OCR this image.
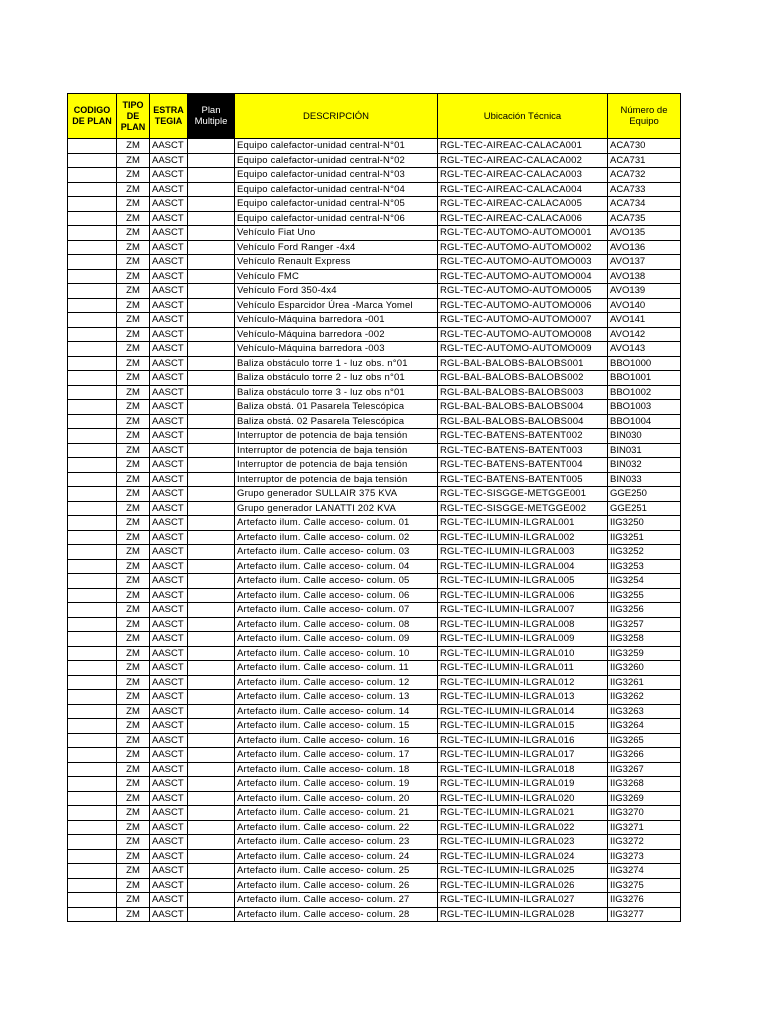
CODIGO DE PLAN	TIPO DE PLAN	ESTRA TEGIA	Plan Multiple	DESCRIPCIÓN	Ubicación Técnica	Número de Equipo
	ZM	AASCT		Equipo calefactor-unidad central-N°01	RGL-TEC-AIREAC-CALACA001	ACA730
	ZM	AASCT		Equipo calefactor-unidad central-N°02	RGL-TEC-AIREAC-CALACA002	ACA731
	ZM	AASCT		Equipo calefactor-unidad central-N°03	RGL-TEC-AIREAC-CALACA003	ACA732
	ZM	AASCT		Equipo calefactor-unidad central-N°04	RGL-TEC-AIREAC-CALACA004	ACA733
	ZM	AASCT		Equipo calefactor-unidad central-N°05	RGL-TEC-AIREAC-CALACA005	ACA734
	ZM	AASCT		Equipo calefactor-unidad central-N°06	RGL-TEC-AIREAC-CALACA006	ACA735
	ZM	AASCT		Vehículo Fiat Uno	RGL-TEC-AUTOMO-AUTOMO001	AVO135
	ZM	AASCT		Vehículo Ford Ranger -4x4	RGL-TEC-AUTOMO-AUTOMO002	AVO136
	ZM	AASCT		Vehículo Renault Express	RGL-TEC-AUTOMO-AUTOMO003	AVO137
	ZM	AASCT		Vehículo FMC	RGL-TEC-AUTOMO-AUTOMO004	AVO138
	ZM	AASCT		Vehículo Ford 350-4x4	RGL-TEC-AUTOMO-AUTOMO005	AVO139
	ZM	AASCT		Vehículo Esparcidor Úrea -Marca Yomel	RGL-TEC-AUTOMO-AUTOMO006	AVO140
	ZM	AASCT		Vehículo-Máquina barredora -001	RGL-TEC-AUTOMO-AUTOMO007	AVO141
	ZM	AASCT		Vehículo-Máquina barredora -002	RGL-TEC-AUTOMO-AUTOMO008	AVO142
	ZM	AASCT		Vehículo-Máquina barredora -003	RGL-TEC-AUTOMO-AUTOMO009	AVO143
	ZM	AASCT		Baliza obstáculo torre 1 - luz obs. n°01	RGL-BAL-BALOBS-BALOBS001	BBO1000
	ZM	AASCT		Baliza obstáculo torre 2 - luz obs n°01	RGL-BAL-BALOBS-BALOBS002	BBO1001
	ZM	AASCT		Baliza obstáculo torre 3 - luz obs n°01	RGL-BAL-BALOBS-BALOBS003	BBO1002
	ZM	AASCT		Baliza obstá. 01 Pasarela Telescópica	RGL-BAL-BALOBS-BALOBS004	BBO1003
	ZM	AASCT		Baliza obstá. 02 Pasarela Telescópica	RGL-BAL-BALOBS-BALOBS004	BBO1004
	ZM	AASCT		Interruptor de potencia de baja tensión	RGL-TEC-BATENS-BATENT002	BIN030
	ZM	AASCT		Interruptor de potencia de baja tensión	RGL-TEC-BATENS-BATENT003	BIN031
	ZM	AASCT		Interruptor de potencia de baja tensión	RGL-TEC-BATENS-BATENT004	BIN032
	ZM	AASCT		Interruptor de potencia de baja tensión	RGL-TEC-BATENS-BATENT005	BIN033
	ZM	AASCT		Grupo generador SULLAIR 375 KVA	RGL-TEC-SISGGE-METGGE001	GGE250
	ZM	AASCT		Grupo generador LANATTI 202 KVA	RGL-TEC-SISGGE-METGGE002	GGE251
	ZM	AASCT		Artefacto ilum. Calle acceso- colum. 01	RGL-TEC-ILUMIN-ILGRAL001	IIG3250
	ZM	AASCT		Artefacto ilum. Calle acceso- colum. 02	RGL-TEC-ILUMIN-ILGRAL002	IIG3251
	ZM	AASCT		Artefacto ilum. Calle acceso- colum. 03	RGL-TEC-ILUMIN-ILGRAL003	IIG3252
	ZM	AASCT		Artefacto ilum. Calle acceso- colum. 04	RGL-TEC-ILUMIN-ILGRAL004	IIG3253
	ZM	AASCT		Artefacto ilum. Calle acceso- colum. 05	RGL-TEC-ILUMIN-ILGRAL005	IIG3254
	ZM	AASCT		Artefacto ilum. Calle acceso- colum. 06	RGL-TEC-ILUMIN-ILGRAL006	IIG3255
	ZM	AASCT		Artefacto ilum. Calle acceso- colum. 07	RGL-TEC-ILUMIN-ILGRAL007	IIG3256
	ZM	AASCT		Artefacto ilum. Calle acceso- colum. 08	RGL-TEC-ILUMIN-ILGRAL008	IIG3257
	ZM	AASCT		Artefacto ilum. Calle acceso- colum. 09	RGL-TEC-ILUMIN-ILGRAL009	IIG3258
	ZM	AASCT		Artefacto ilum. Calle acceso- colum. 10	RGL-TEC-ILUMIN-ILGRAL010	IIG3259
	ZM	AASCT		Artefacto ilum. Calle acceso- colum. 11	RGL-TEC-ILUMIN-ILGRAL011	IIG3260
	ZM	AASCT		Artefacto ilum. Calle acceso- colum. 12	RGL-TEC-ILUMIN-ILGRAL012	IIG3261
	ZM	AASCT		Artefacto ilum. Calle acceso- colum. 13	RGL-TEC-ILUMIN-ILGRAL013	IIG3262
	ZM	AASCT		Artefacto ilum. Calle acceso- colum. 14	RGL-TEC-ILUMIN-ILGRAL014	IIG3263
	ZM	AASCT		Artefacto ilum. Calle acceso- colum. 15	RGL-TEC-ILUMIN-ILGRAL015	IIG3264
	ZM	AASCT		Artefacto ilum. Calle acceso- colum. 16	RGL-TEC-ILUMIN-ILGRAL016	IIG3265
	ZM	AASCT		Artefacto ilum. Calle acceso- colum. 17	RGL-TEC-ILUMIN-ILGRAL017	IIG3266
	ZM	AASCT		Artefacto ilum. Calle acceso- colum. 18	RGL-TEC-ILUMIN-ILGRAL018	IIG3267
	ZM	AASCT		Artefacto ilum. Calle acceso- colum. 19	RGL-TEC-ILUMIN-ILGRAL019	IIG3268
	ZM	AASCT		Artefacto ilum. Calle acceso- colum. 20	RGL-TEC-ILUMIN-ILGRAL020	IIG3269
	ZM	AASCT		Artefacto ilum. Calle acceso- colum. 21	RGL-TEC-ILUMIN-ILGRAL021	IIG3270
	ZM	AASCT		Artefacto ilum. Calle acceso- colum. 22	RGL-TEC-ILUMIN-ILGRAL022	IIG3271
	ZM	AASCT		Artefacto ilum. Calle acceso- colum. 23	RGL-TEC-ILUMIN-ILGRAL023	IIG3272
	ZM	AASCT		Artefacto ilum. Calle acceso- colum. 24	RGL-TEC-ILUMIN-ILGRAL024	IIG3273
	ZM	AASCT		Artefacto ilum. Calle acceso- colum. 25	RGL-TEC-ILUMIN-ILGRAL025	IIG3274
	ZM	AASCT		Artefacto ilum. Calle acceso- colum. 26	RGL-TEC-ILUMIN-ILGRAL026	IIG3275
	ZM	AASCT		Artefacto ilum. Calle acceso- colum. 27	RGL-TEC-ILUMIN-ILGRAL027	IIG3276
	ZM	AASCT		Artefacto ilum. Calle acceso- colum. 28	RGL-TEC-ILUMIN-ILGRAL028	IIG3277
